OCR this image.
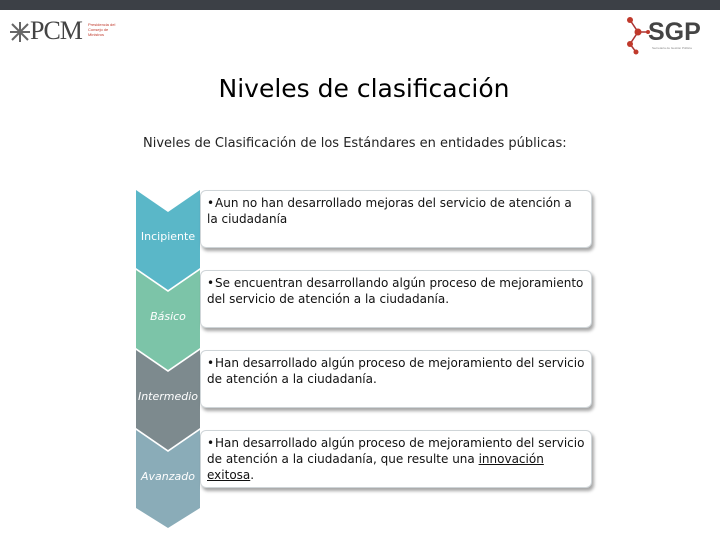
PCM Presidencia del Consejo de Ministros	SGP
Secretaría de Gestión Pública
Niveles de clasificación
Niveles de Clasificación de los Estándares en entidades públicas:
Incipiente
Básico
Intermedio
Avanzado
•Aun no han desarrollado mejoras del servicio de atención a la ciudadanía
•Se encuentran desarrollando algún proceso de mejoramiento del servicio de atención a la ciudadanía.
•Han desarrollado algún proceso de mejoramiento del servicio de atención a la ciudadanía.
•Han desarrollado algún proceso de mejoramiento del servicio de atención a la ciudadanía, que resulte una innovación exitosa.
